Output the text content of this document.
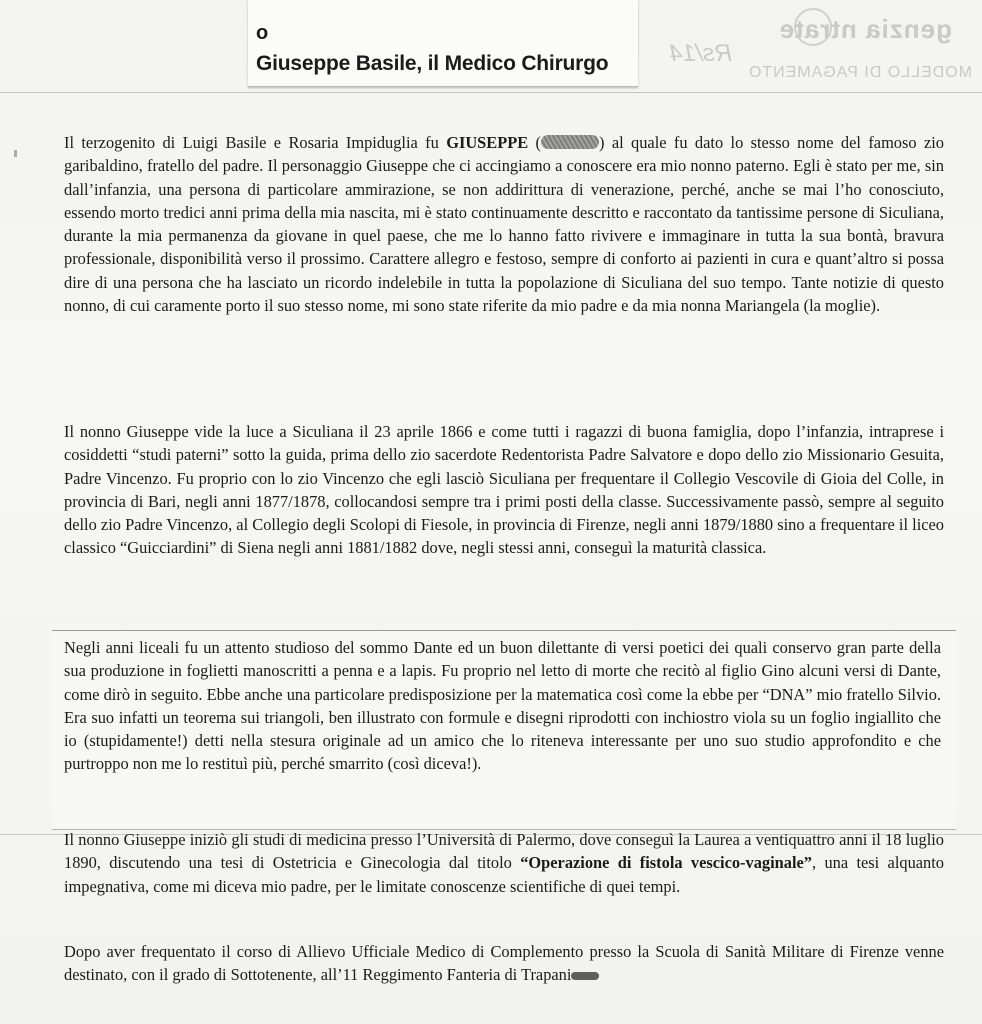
genzia ntrate
MODELLO DI PAGAMENTO
Rs/14
o
Giuseppe Basile, il Medico Chirurgo
Il terzogenito di Luigi Basile e Rosaria Impiduglia fu GIUSEPPE (	) al quale fu dato lo stesso nome del famoso zio garibaldino, fratello del padre. Il personaggio Giuseppe che ci accingiamo a conoscere era mio nonno paterno. Egli è stato per me, sin dall’infanzia, una persona di particolare ammirazione, se non addirittura di venerazione, perché, anche se mai l’ho conosciuto, essendo morto tredici anni prima della mia nascita, mi è stato continuamente descritto e raccontato da tantissime persone di Siculiana, durante la mia permanenza da giovane in quel paese, che me lo hanno fatto rivivere e immaginare in tutta la sua bontà, bravura professionale, disponibilità verso il prossimo. Carattere allegro e festoso, sempre di conforto ai pazienti in cura e quant’altro si possa dire di una persona che ha lasciato un ricordo indelebile in tutta la popolazione di Siculiana del suo tempo. Tante notizie di questo nonno, di cui caramente porto il suo stesso nome, mi sono state riferite da mio padre e da mia nonna Mariangela (la moglie).
Il nonno Giuseppe vide la luce a Siculiana il 23 aprile 1866 e come tutti i ragazzi di buona famiglia, dopo l’infanzia, intraprese i cosiddetti “studi paterni” sotto la guida, prima dello zio sacerdote Redentorista Padre Salvatore e dopo dello zio Missionario Gesuita, Padre Vincenzo. Fu proprio con lo zio Vincenzo che egli lasciò Siculiana per frequentare il Collegio Vescovile di Gioia del Colle, in provincia di Bari, negli anni 1877/1878, collocandosi sempre tra i primi posti della classe. Successivamente passò, sempre al seguito dello zio Padre Vincenzo, al Collegio degli Scolopi di Fiesole, in provincia di Firenze, negli anni 1879/1880 sino a frequentare il liceo classico “Guicciardini” di Siena negli anni 1881/1882 dove, negli stessi anni, conseguì la maturità classica.
Negli anni liceali fu un attento studioso del sommo Dante ed un buon dilettante di versi poetici dei quali conservo gran parte della sua produzione in foglietti manoscritti a penna e a lapis. Fu proprio nel letto di morte che recitò al figlio Gino alcuni versi di Dante, come dirò in seguito. Ebbe anche una particolare predisposizione per la matematica così come la ebbe per “DNA” mio fratello Silvio. Era suo infatti un teorema sui triangoli, ben illustrato con formule e disegni riprodotti con inchiostro viola su un foglio ingiallito che io (stupidamente!) detti nella stesura originale ad un amico che lo riteneva interessante per uno suo studio approfondito e che purtroppo non me lo restituì più, perché smarrito (così diceva!).
Il nonno Giuseppe iniziò gli studi di medicina presso l’Università di Palermo, dove conseguì la Laurea a ventiquattro anni il 18 luglio 1890, discutendo una tesi di Ostetricia e Ginecologia dal titolo “Operazione di fistola vescico-vaginale”, una tesi alquanto impegnativa, come mi diceva mio padre, per le limitate conoscenze scientifiche di quei tempi.
Dopo aver frequentato il corso di Allievo Ufficiale Medico di Complemento presso la Scuola di Sanità Militare di Firenze venne destinato, con il grado di Sottotenente, all’11 Reggimento Fanteria di Trapani
